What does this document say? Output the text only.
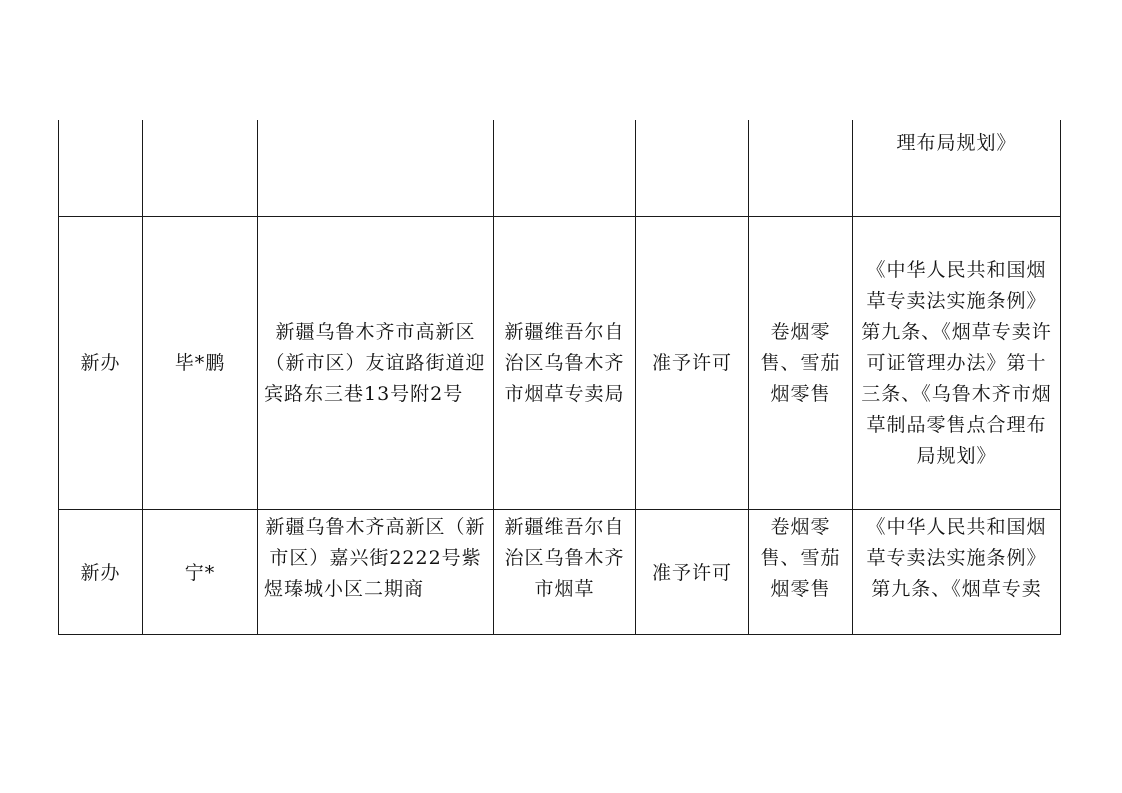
						理布局规划》

新办	毕*鹏	新疆乌鲁木齐市高新区（新市区）友谊路街道迎宾路东三巷13号附2号	新疆维吾尔自治区乌鲁木齐市烟草专卖局	准予许可	卷烟零售、雪茄烟零售	《中华人民共和国烟草专卖法实施条例》第九条、《烟草专卖许可证管理办法》第十三条、《乌鲁木齐市烟草制品零售点合理布局规划》

新办	宁*	新疆乌鲁木齐高新区（新市区）嘉兴街2222号紫煜瑧城小区二期商	新疆维吾尔自治区乌鲁木齐市烟草	准予许可	卷烟零售、雪茄烟零售	《中华人民共和国烟草专卖法实施条例》第九条、《烟草专卖
